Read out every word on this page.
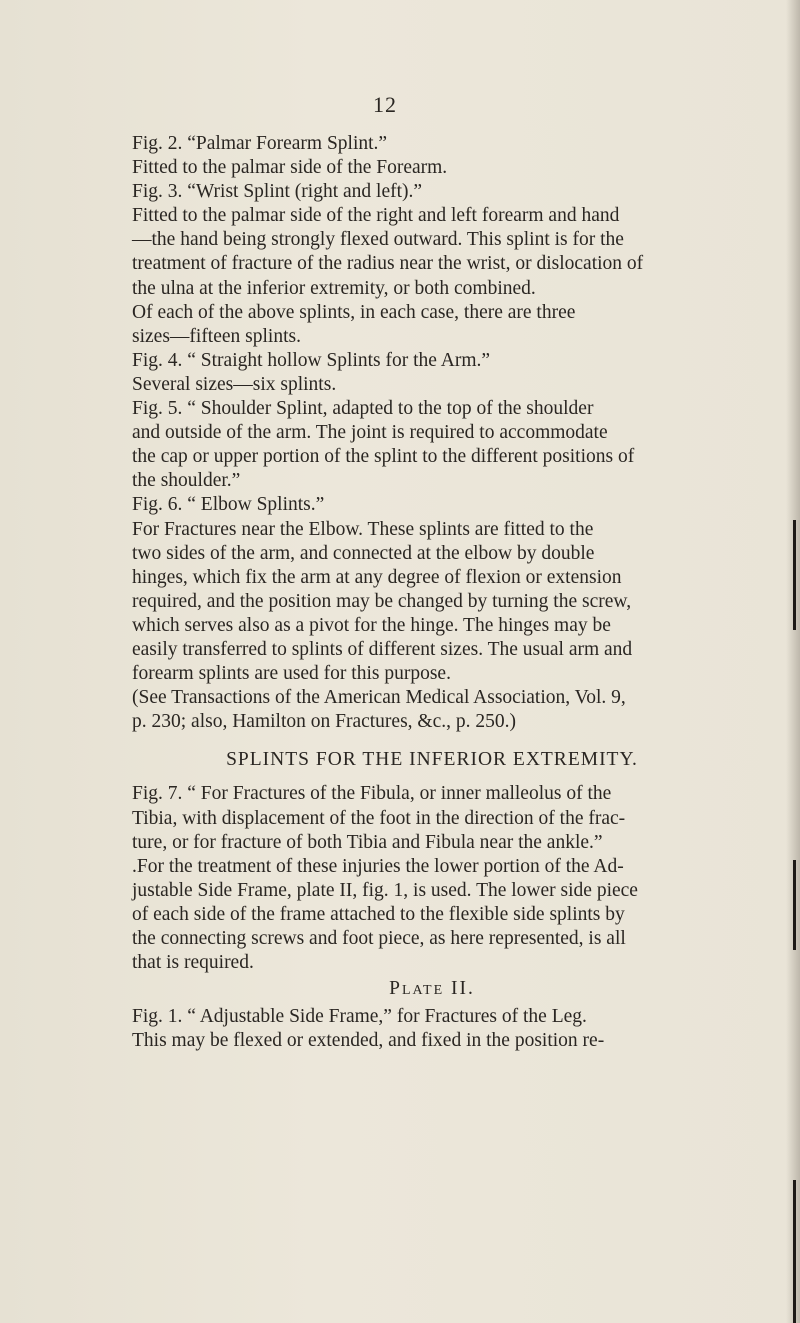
12
Fig. 2. “Palmar Forearm Splint.”
Fitted to the palmar side of the Forearm.
Fig. 3. “Wrist Splint (right and left).”
Fitted to the palmar side of the right and left forearm and hand
—the hand being strongly flexed outward. This splint is for the
treatment of fracture of the radius near the wrist, or dislocation of
the ulna at the inferior extremity, or both combined.
Of each of the above splints, in each case, there are three
sizes—fifteen splints.
Fig. 4. “ Straight hollow Splints for the Arm.”
Several sizes—six splints.
Fig. 5. “ Shoulder Splint, adapted to the top of the shoulder
and outside of the arm. The joint is required to accommodate
the cap or upper portion of the splint to the different positions of
the shoulder.”
Fig. 6. “ Elbow Splints.”
For Fractures near the Elbow. These splints are fitted to the
two sides of the arm, and connected at the elbow by double
hinges, which fix the arm at any degree of flexion or extension
required, and the position may be changed by turning the screw,
which serves also as a pivot for the hinge. The hinges may be
easily transferred to splints of different sizes. The usual arm and
forearm splints are used for this purpose.
(See Transactions of the American Medical Association, Vol. 9,
p. 230; also, Hamilton on Fractures, &c., p. 250.)
SPLINTS FOR THE INFERIOR EXTREMITY.
Fig. 7. “ For Fractures of the Fibula, or inner malleolus of the
Tibia, with displacement of the foot in the direction of the frac-
ture, or for fracture of both Tibia and Fibula near the ankle.”
.For the treatment of these injuries the lower portion of the Ad-
justable Side Frame, plate II, fig. 1, is used. The lower side piece
of each side of the frame attached to the flexible side splints by
the connecting screws and foot piece, as here represented, is all
that is required.
Plate II.
Fig. 1. “ Adjustable Side Frame,” for Fractures of the Leg.
This may be flexed or extended, and fixed in the position re-
